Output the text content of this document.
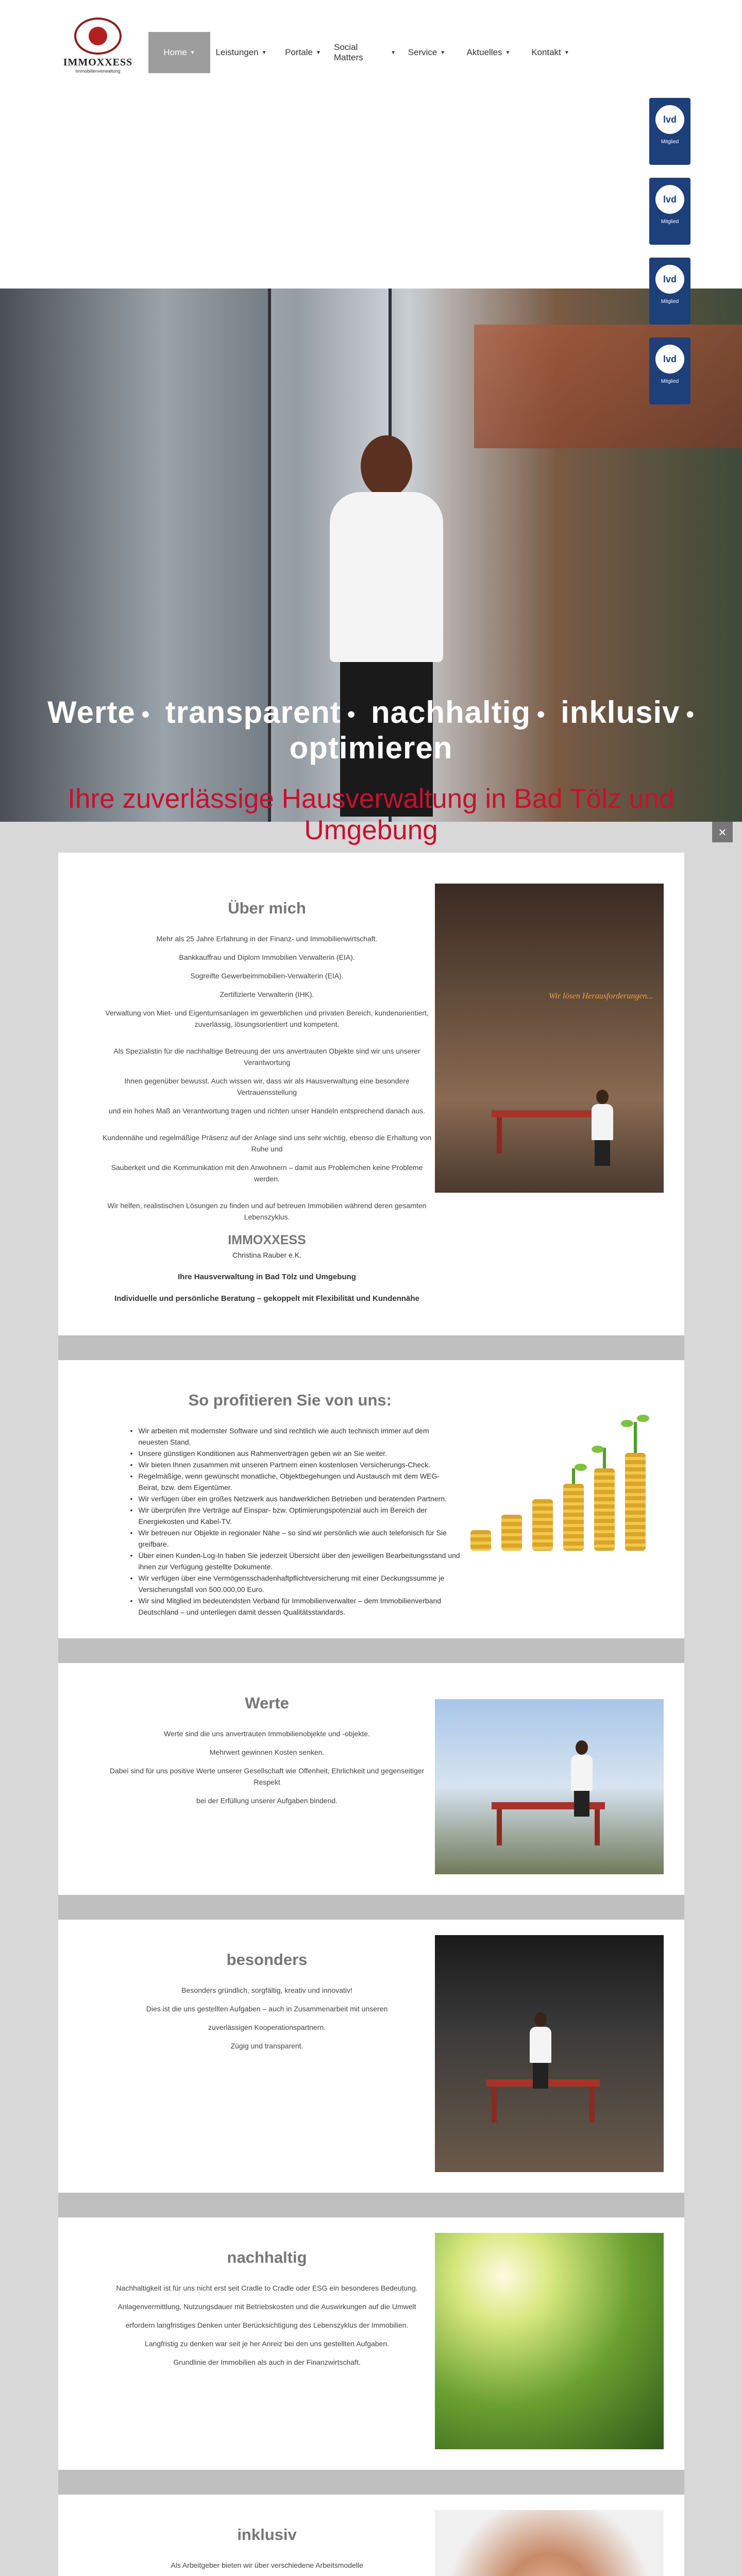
IMMOXXESS
Immobilienverwaltung
Home ▼ Leistungen ▼ Portale ▼
Social Matters	▼ Service ▼ Aktuelles ▼ Kontakt ▼
lvd
Mitglied
lvd
Mitglied
lvd
Mitglied
lvd
Mitglied
Werte • transparent • nachhaltig • inklusiv • optimieren
Ihre zuverlässige Hausverwaltung in Bad Tölz und Umgebung	×
Über mich

Mehr als 25 Jahre Erfahrung in der Finanz- und Immobilienwirtschaft.

Bankkauffrau und Diplom Immobilien Verwalterin (EIA).

Sogreifte Gewerbeimmobilien-Verwalterin (EIA).

Zertifizierte Verwalterin (IHK).

Verwaltung von Miet- und Eigentumsanlagen im gewerblichen und privaten Bereich, kundenorientiert, zuverlässig, lösungsorientiert und kompetent.

Als Spezialistin für die nachhaltige Betreuung der uns anvertrauten Objekte sind wir uns unserer Verantwortung

Ihnen gegenüber bewusst. Auch wissen wir, dass wir als Hausverwaltung eine besondere Vertrauensstellung

und ein hohes Maß an Verantwortung tragen und richten unser Handeln entsprechend danach aus.

Kundennähe und regelmäßige Präsenz auf der Anlage sind uns sehr wichtig, ebenso die Erhaltung von Ruhe und

Sauberkeit und die Kommunikation mit den Anwohnern – damit aus Problemchen keine Probleme werden.

Wir helfen, realistischen Lösungen zu finden und auf betreuen Immobilien während deren gesamten Lebenszyklus.

IMMOXXESS
Christina Rauber e.K.

Ihre Hausverwaltung in Bad Tölz und Umgebung

Individuelle und persönliche Beratung – gekoppelt mit Flexibilität und Kundennähe

Wir lösen Herausforderungen...
So profitieren Sie von uns:
• Wir arbeiten mit modernster Software und sind rechtlich wie auch technisch immer auf dem neuesten Stand.
• Unsere günstigen Konditionen aus Rahmenverträgen geben wir an Sie weiter.
• Wir bieten Ihnen zusammen mit unseren Partnern einen kostenlosen Versicherungs-Check.
• Regelmäßige, wenn gewünscht monatliche, Objektbegehungen und Austausch mit dem WEG-Beirat, bzw. dem Eigentümer.
• Wir verfügen über ein großes Netzwerk aus handwerklichen Betrieben und beratenden Partnern.
• Wir überprüfen Ihre Verträge auf Einspar- bzw. Optimierungspotenzial auch im Bereich der Energiekosten und Kabel-TV.
• Wir betreuen nur Objekte in regionaler Nähe – so sind wir persönlich wie auch telefonisch für Sie greifbare.
• Über einen Kunden-Log-In haben Sie jederzeit Übersicht über den jeweiligen Bearbeitungsstand und ihnen zur Verfügung gestellte Dokumente.
• Wir verfügen über eine Vermögensschadenhaftpflichtversicherung mit einer Deckungssumme je Versicherungsfall von 500.000,00 Euro.
• Wir sind Mitglied im bedeutendsten Verband für Immobilienverwalter – dem Immobilienverband Deutschland – und unterliegen damit dessen Qualitätsstandards.
Werte

Werte sind die uns anvertrauten Immobilienobjekte und -objekte.

Mehrwert gewinnen Kosten senken.

Dabei sind für uns positive Werte unserer Gesellschaft wie Offenheit, Ehrlichkeit und gegenseitiger Respekt

bei der Erfüllung unserer Aufgaben bindend.

besonders

Besonders gründlich, sorgfältig, kreativ und innovativ!

Dies ist die uns gestellten Aufgaben – auch in Zusammenarbeit mit unseren

zuverlässigen Kooperationspartnern.

Zügig und transparent.

nachhaltig

Nachhaltigkeit ist für uns nicht erst seit Cradle to Cradle oder ESG ein besonderes Bedeutung.

Anlagenvermittlung, Nutzungsdauer mit Betriebskosten und die Auswirkungen auf die Umwelt

erfordern langfristiges Denken unter Berücksichtigung des Lebenszyklus der Immobilien.

Langfristig zu denken war seit je her Anreiz bei den uns gestellten Aufgaben.

Grundlinie der Immobilien als auch in der Finanzwirtschaft.

inklusiv

Als Arbeitgeber bieten wir über verschiedene Arbeitsmodelle
